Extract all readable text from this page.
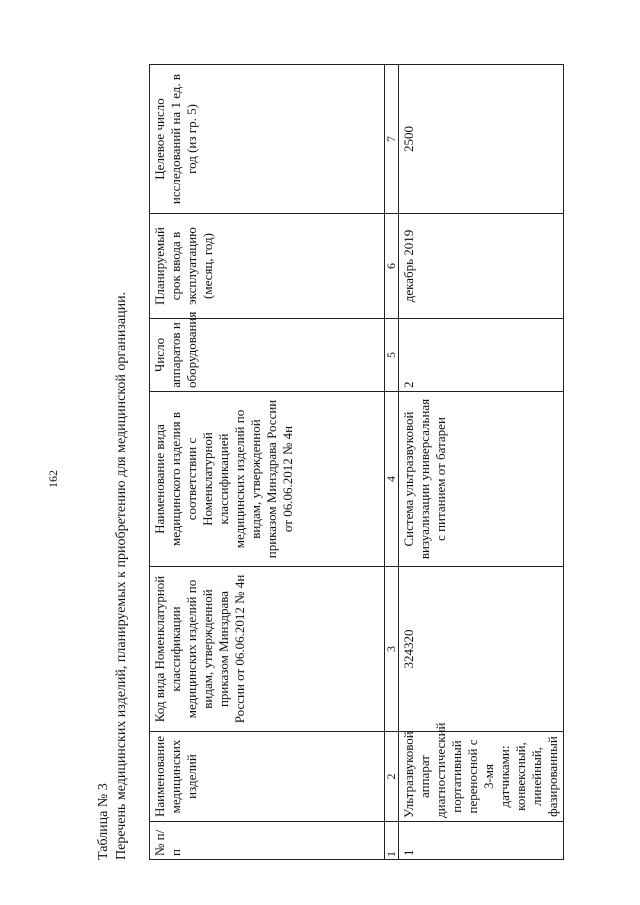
162
Таблица № 3 Перечень медицинских изделий, планируемых к приобретению для медицинской организации. № п/п	Наименование медицинских изделий	Код вида Номенклатурной классификации медицинских изделий по видам, утвержденной приказом Минздрава России от 06.06.2012 № 4н	Наименование вида медицинского изделия в соответствии с Номенклатурной классификацией медицинских изделий по видам, утвержденной приказом Минздрава России от 06.06.2012 № 4н	Число аппаратов и оборудования	Планируемый срок ввода в эксплуатацию (месяц, год)	Целевое число исследований на 1 ед. в год (из гр. 5)
1	2	3	4	5	6	7
1	Ультразвуковой аппарат диагностический портативный переносной с 3-мя датчиками: конвексный, линейный, фазированный	324320	Система ультразвуковой визуализации универсальная с питанием от батареи	2	декабрь 2019	2500
